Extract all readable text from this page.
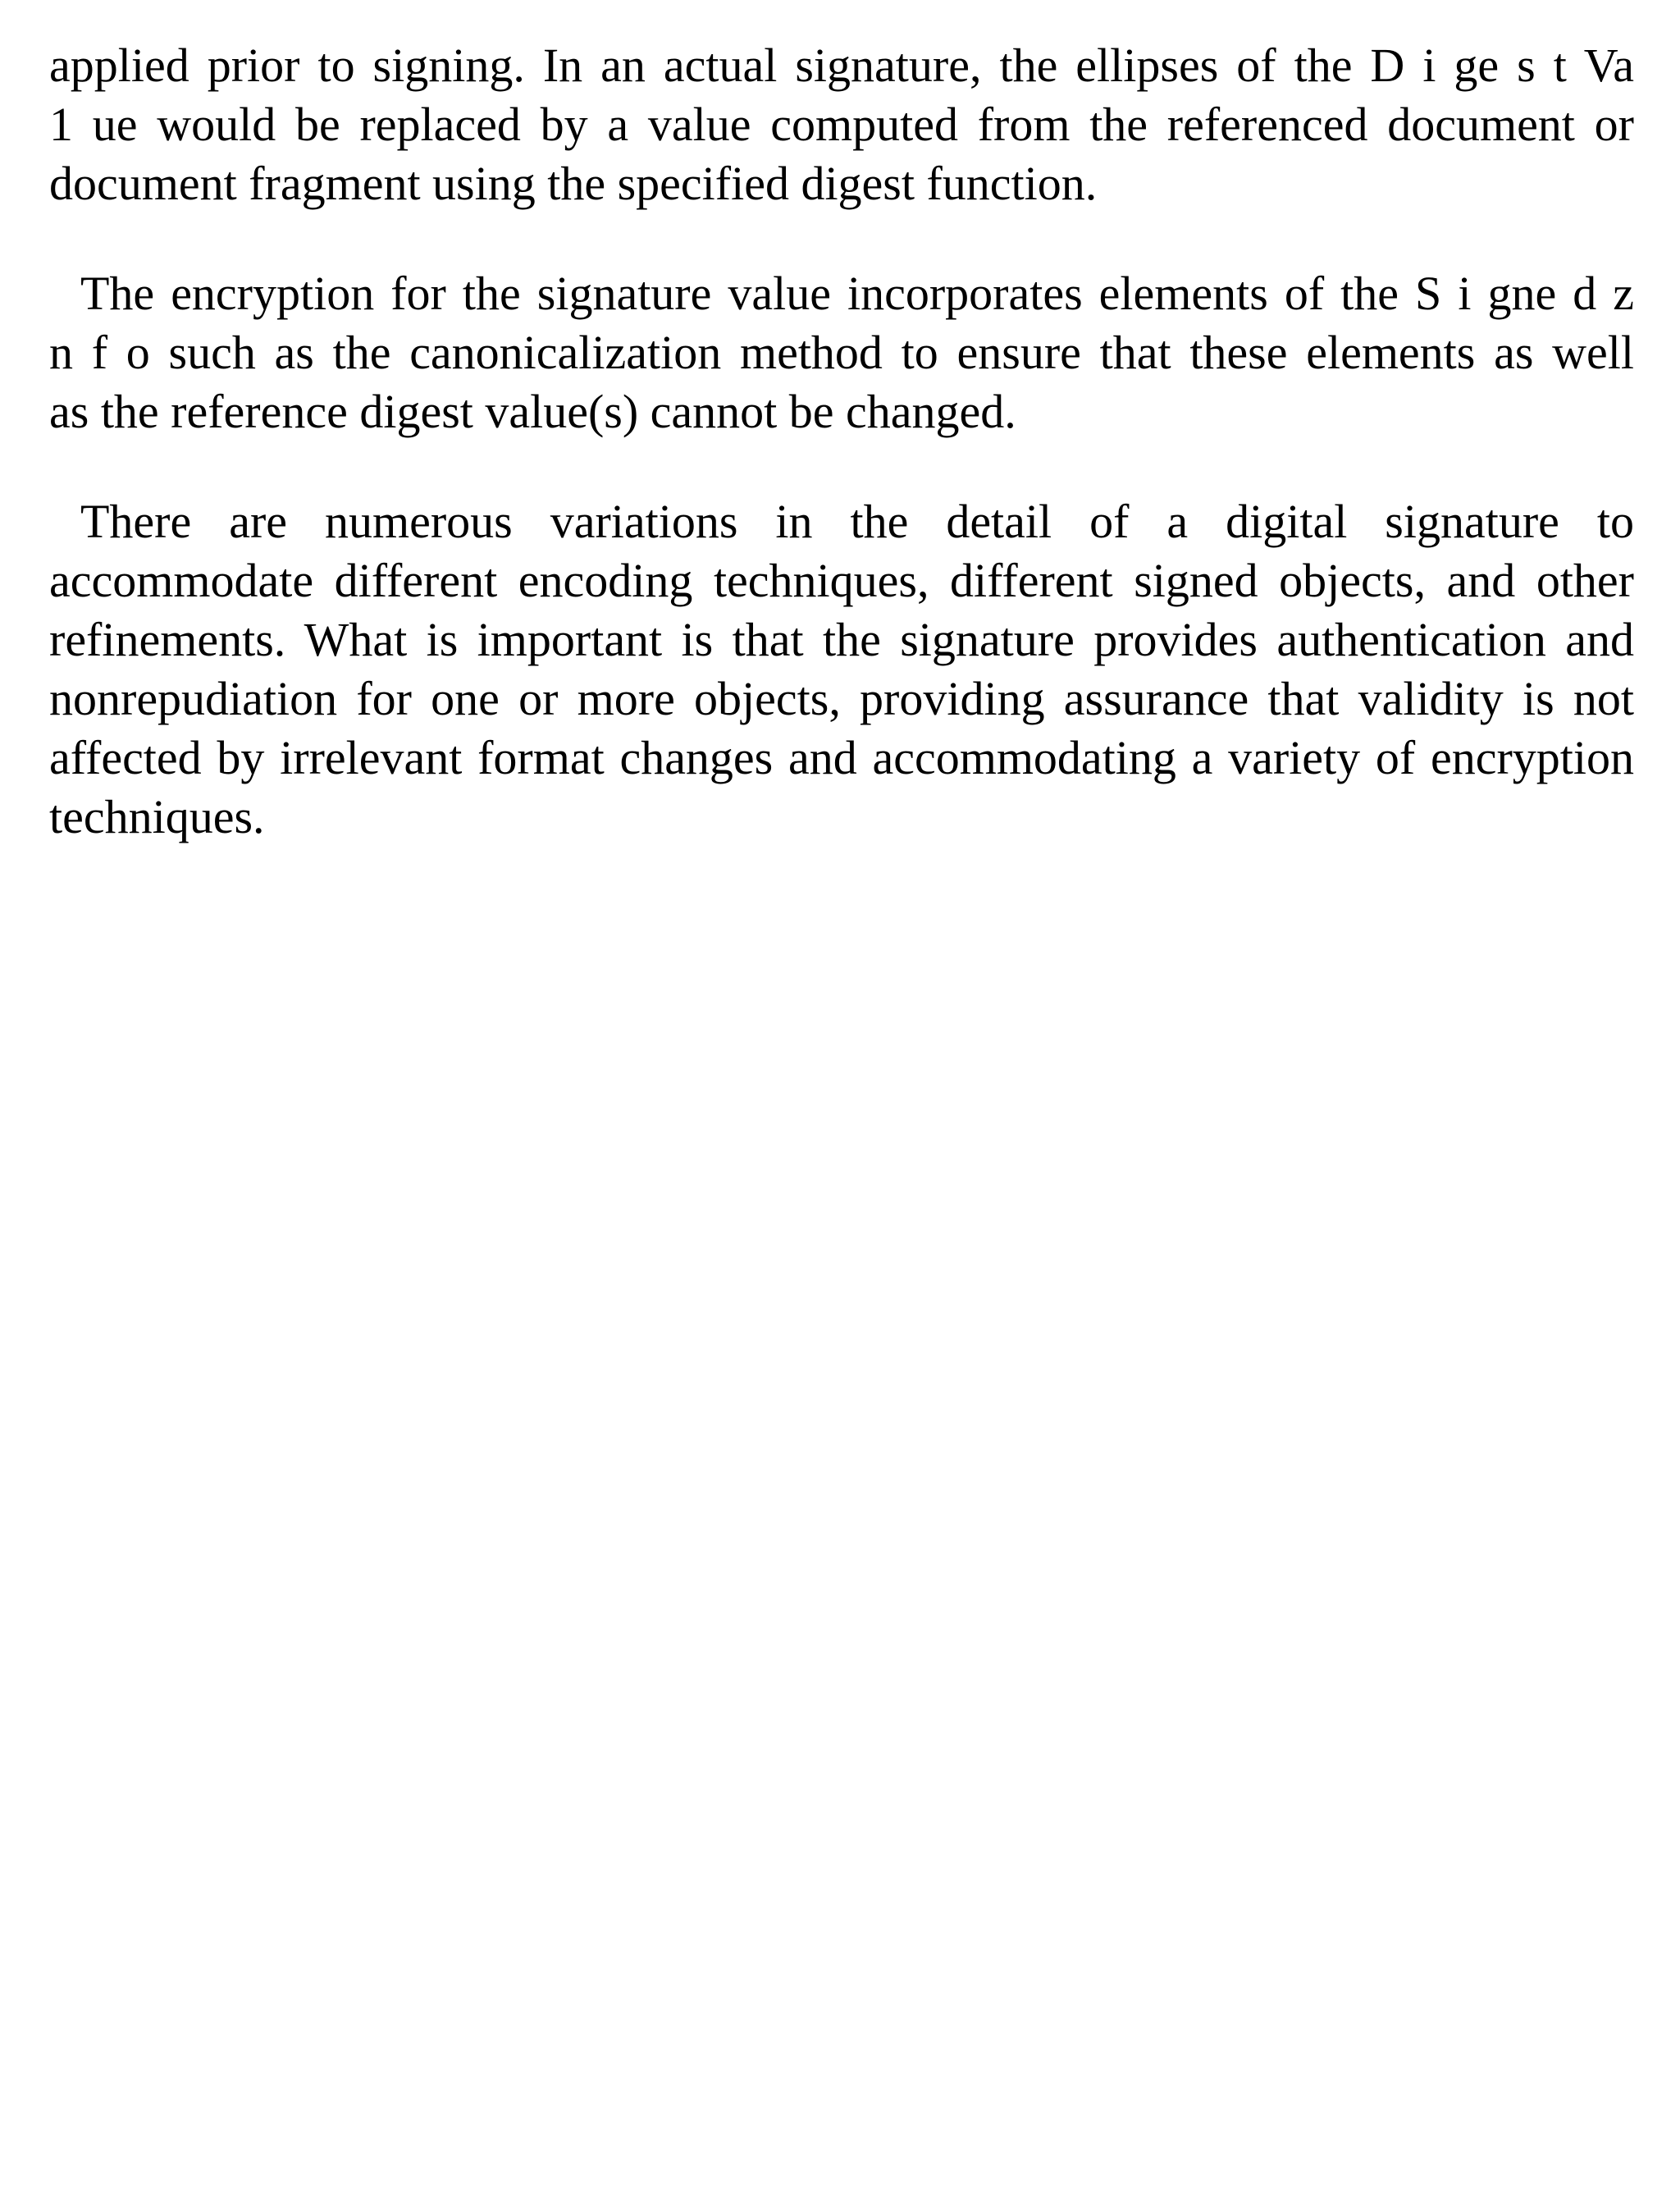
applied prior to signing. In an actual signature, the ellipses of the D i ge s t Va
1 ue would be replaced by a value computed from the referenced document or
document fragment using the specified digest function.
The encryption for the signature value incorporates elements of the S i gne d z
n f o such as the canonicalization method to ensure that these elements as well
as the reference digest value(s) cannot be changed.
There are numerous variations in the detail of a digital signature to
accommodate different encoding techniques, different signed objects, and other
refinements. What is important is that the signature provides authentication and
nonrepudiation for one or more objects, providing assurance that validity is not
affected by irrelevant format changes and accommodating a variety of encryption
techniques.
